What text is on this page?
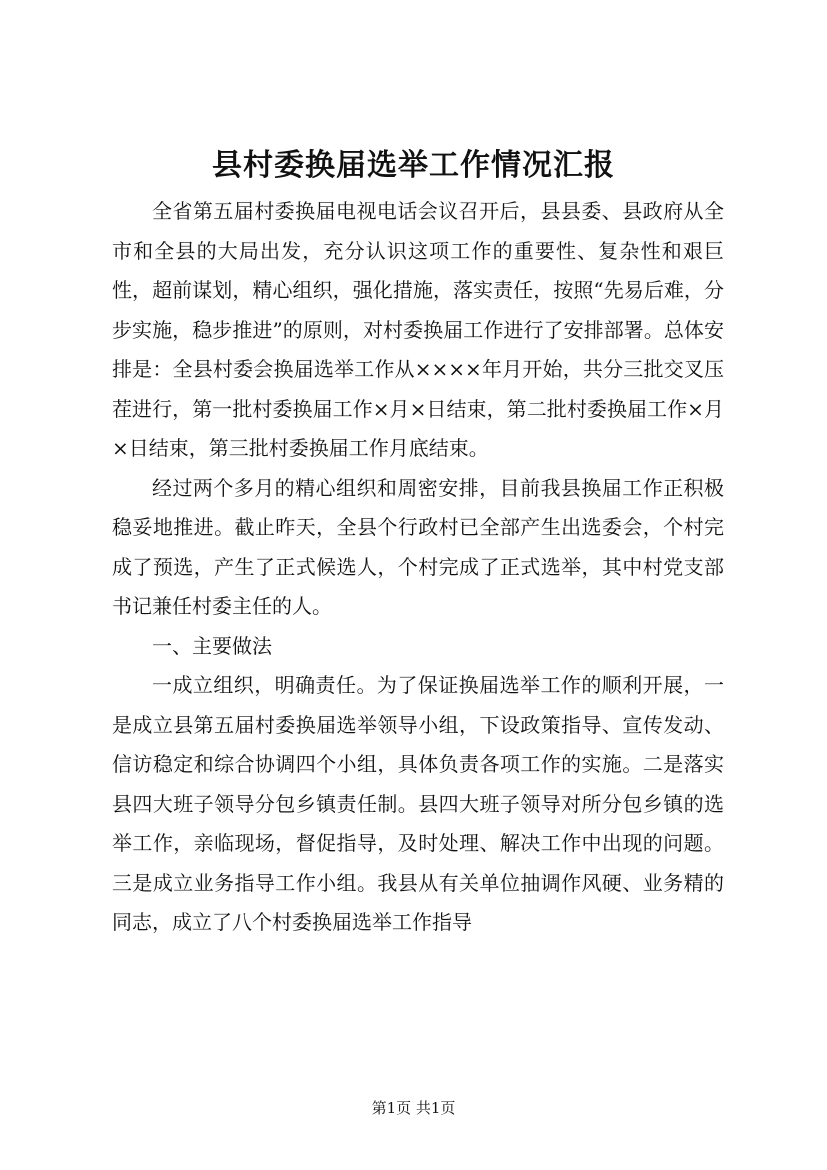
县村委换届选举工作情况汇报

全省第五届村委换届电视电话会议召开后，县县委、县政府从全市和全县的大局出发，充分认识这项工作的重要性、复杂性和艰巨性，超前谋划，精心组织，强化措施，落实责任，按照“先易后难，分步实施，稳步推进”的原则，对村委换届工作进行了安排部署。总体安排是：全县村委会换届选举工作从××××年月开始，共分三批交叉压茬进行，第一批村委换届工作×月×日结束，第二批村委换届工作×月×日结束，第三批村委换届工作月底结束。

经过两个多月的精心组织和周密安排，目前我县换届工作正积极稳妥地推进。截止昨天，全县个行政村已全部产生出选委会，个村完成了预选，产生了正式候选人，个村完成了正式选举，其中村党支部书记兼任村委主任的人。

一、主要做法

一成立组织，明确责任。为了保证换届选举工作的顺利开展，一是成立县第五届村委换届选举领导小组，下设政策指导、宣传发动、信访稳定和综合协调四个小组，具体负责各项工作的实施。二是落实县四大班子领导分包乡镇责任制。县四大班子领导对所分包乡镇的选举工作，亲临现场，督促指导，及时处理、解决工作中出现的问题。三是成立业务指导工作小组。我县从有关单位抽调作风硬、业务精的同志，成立了八个村委换届选举工作指导

第1页 共1页
